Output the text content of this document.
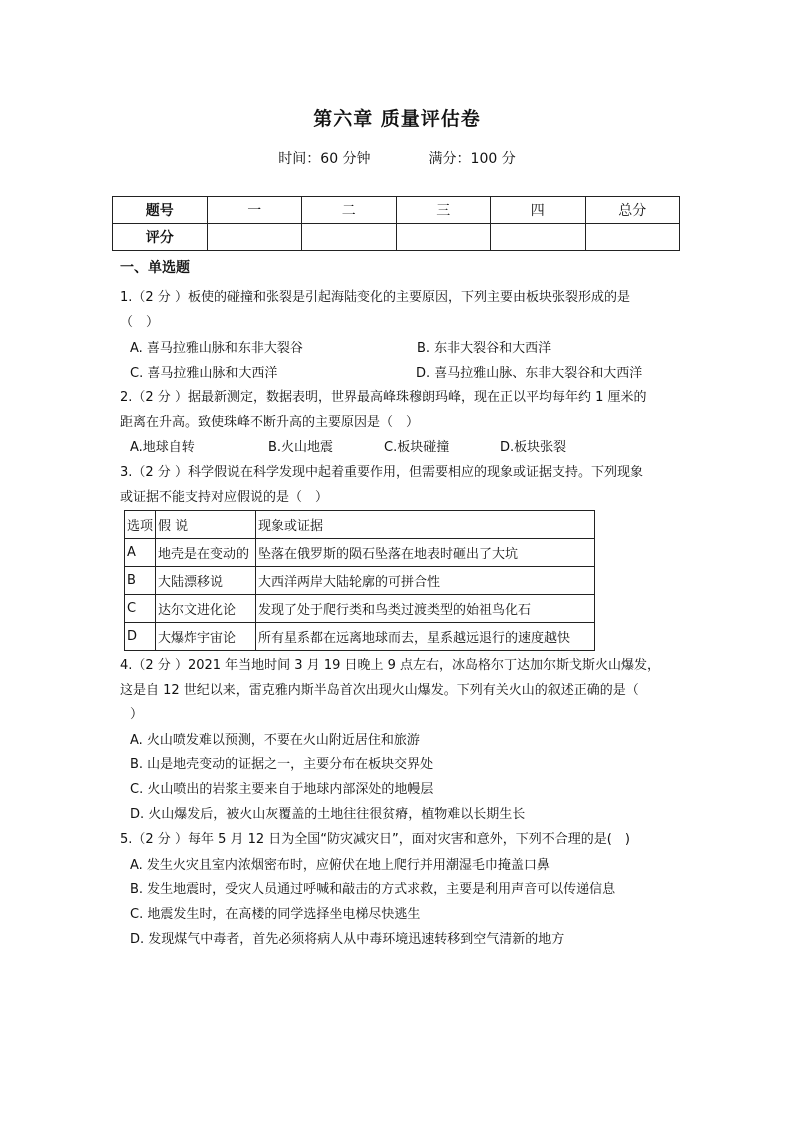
第六章 质量评估卷
时间：60 分钟	满分：100 分
题号	一	二	三	四	总分
评分					
一、单选题
1.（2 分 ）板使的碰撞和张裂是引起海陆变化的主要原因，下列主要由板块张裂形成的是
（　）
A. 喜马拉雅山脉和东非大裂谷	B. 东非大裂谷和大西洋
C. 喜马拉雅山脉和大西洋	D. 喜马拉雅山脉、东非大裂谷和大西洋
2.（2 分 ）据最新测定，数据表明，世界最高峰珠穆朗玛峰，现在正以平均每年约 1 厘米的
距离在升高。致使珠峰不断升高的主要原因是（　）
A.地球自转	B.火山地震	C.板块碰撞	D.板块张裂
3.（2 分 ）科学假说在科学发现中起着重要作用，但需要相应的现象或证据支持。下列现象
或证据不能支持对应假说的是（　）
选项	假 说	现象或证据
A	地壳是在变动的	坠落在俄罗斯的陨石坠落在地表时砸出了大坑
B	大陆漂移说	大西洋两岸大陆轮廓的可拼合性
C	达尔文进化论	发现了处于爬行类和鸟类过渡类型的始祖鸟化石
D	大爆炸宇宙论	所有星系都在远离地球而去，星系越远退行的速度越快
4.（2 分 ）2021 年当地时间 3 月 19 日晚上 9 点左右，冰岛格尔丁达加尔斯戈斯火山爆发，
这是自 12 世纪以来，雷克雅内斯半岛首次出现火山爆发。下列有关火山的叙述正确的是（
）
A. 火山喷发难以预测，不要在火山附近居住和旅游
B. 山是地壳变动的证据之一，主要分布在板块交界处
C. 火山喷出的岩浆主要来自于地球内部深处的地幔层
D. 火山爆发后，被火山灰覆盖的土地往往很贫瘠，植物难以长期生长
5.（2 分 ）每年 5 月 12 日为全国“防灾减灾日”，面对灾害和意外，下列不合理的是(　)
A. 发生火灾且室内浓烟密布时，应俯伏在地上爬行并用潮湿毛巾掩盖口鼻
B. 发生地震时，受灾人员通过呼喊和敲击的方式求救，主要是利用声音可以传递信息
C. 地震发生时，在高楼的同学选择坐电梯尽快逃生
D. 发现煤气中毒者，首先必须将病人从中毒环境迅速转移到空气清新的地方
